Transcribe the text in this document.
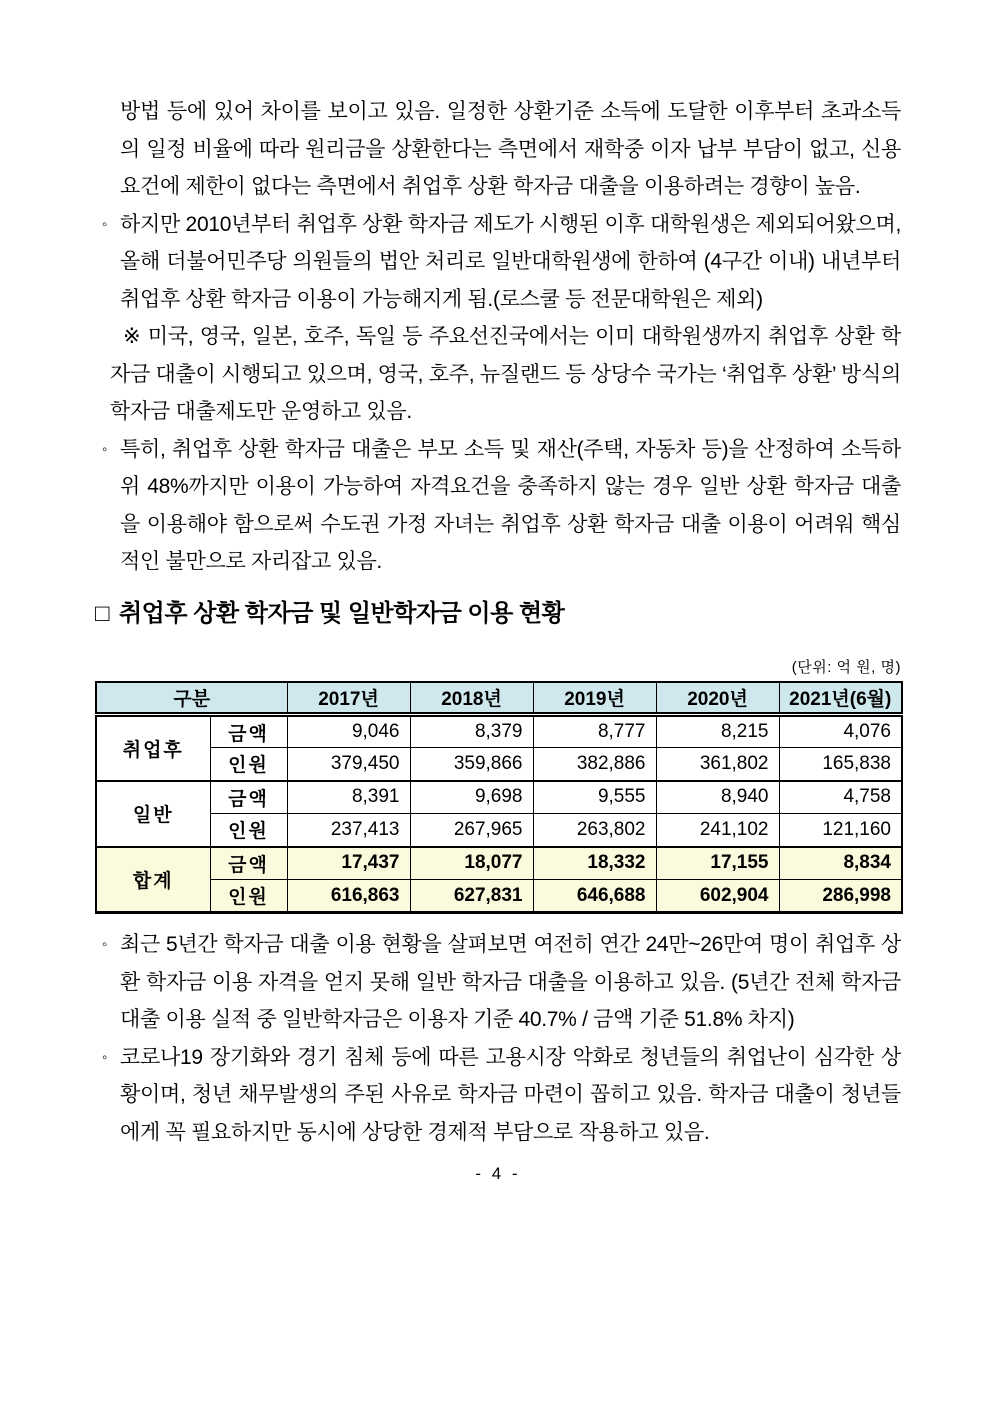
방법 등에 있어 차이를 보이고 있음. 일정한 상환기준 소득에 도달한 이후부터 초과소득의 일정 비율에 따라 원리금을 상환한다는 측면에서 재학중 이자 납부 부담이 없고, 신용요건에 제한이 없다는 측면에서 취업후 상환 학자금 대출을 이용하려는 경향이 높음.

◦ 하지만 2010년부터 취업후 상환 학자금 제도가 시행된 이후 대학원생은 제외되어왔으며, 올해 더불어민주당 의원들의 법안 처리로 일반대학원생에 한하여 (4구간 이내) 내년부터 취업후 상환 학자금 이용이 가능해지게 됨.(로스쿨 등 전문대학원은 제외)
※ 미국, 영국, 일본, 호주, 독일 등 주요선진국에서는 이미 대학원생까지 취업후 상환 학자금 대출이 시행되고 있으며, 영국, 호주, 뉴질랜드 등 상당수 국가는 ‘취업후 상환’ 방식의 학자금 대출제도만 운영하고 있음.
◦ 특히, 취업후 상환 학자금 대출은 부모 소득 및 재산(주택, 자동차 등)을 산정하여 소득하위 48%까지만 이용이 가능하여 자격요건을 충족하지 않는 경우 일반 상환 학자금 대출을 이용해야 함으로써 수도권 가정 자녀는 취업후 상환 학자금 대출 이용이 어려워 핵심적인 불만으로 자리잡고 있음.
□ 취업후 상환 학자금 및 일반학자금 이용 현황
(단위: 억 원, 명)
구분		2017년	2018년	2019년	2020년	2021년(6월)
취업후	금액	9,046	8,379	8,777	8,215	4,076
	인원	379,450	359,866	382,886	361,802	165,838
일반	금액	8,391	9,698	9,555	8,940	4,758
	인원	237,413	267,965	263,802	241,102	121,160
합계	금액	17,437	18,077	18,332	17,155	8,834
	인원	616,863	627,831	646,688	602,904	286,998
◦ 최근 5년간 학자금 대출 이용 현황을 살펴보면 여전히 연간 24만~26만여 명이 취업후 상환 학자금 이용 자격을 얻지 못해 일반 학자금 대출을 이용하고 있음. (5년간 전체 학자금 대출 이용 실적 중 일반학자금은 이용자 기준 40.7% / 금액 기준 51.8% 차지)
◦ 코로나19 장기화와 경기 침체 등에 따른 고용시장 악화로 청년들의 취업난이 심각한 상황이며, 청년 채무발생의 주된 사유로 학자금 마련이 꼽히고 있음. 학자금 대출이 청년들에게 꼭 필요하지만 동시에 상당한 경제적 부담으로 작용하고 있음.
- 4 -
